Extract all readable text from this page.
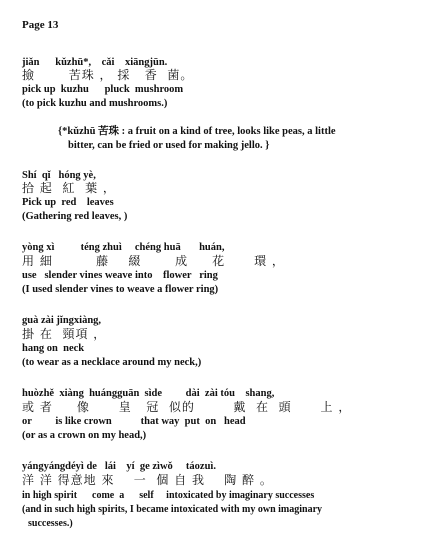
Page 13
jiǎn      kǔzhū*,    cǎi    xiāngjūn.
撿       苦珠 ， 採   香  菌。
pick up  kuzhu      pluck  mushroom
(to pick kuzhu and mushrooms.)
{*kǔzhū 苦珠 : a fruit on a kind of tree, looks like peas, a little
bitter, can be fried or used for making jello. }
Shí  qǐ   hóng yè,
拾 起  紅  葉 ，
Pick up  red    leaves
(Gathering red leaves, )
yòng xì          téng zhuì     chéng huā       huán,
用 細         藤    綴       成     花      環 ，
use   slender vines weave into    flower   ring
(I used slender vines to weave a flower ring)
guà zài jǐngxiàng,
掛 在  頸項 ，
hang on  neck
(to wear as a necklace around my neck,)
huòzhě  xiàng  huángguān  sìde         dài  zài tóu    shang,
或 者     像      皇   冠  似的        戴  在  頭      上 ，
or         is like crown           that way  put  on   head
(or as a crown on my head,)
yángyángdéyì de   lái    yí  ge zìwǒ     táozuì.
洋 洋 得意地 來    一  個 自 我    陶 醉 。
in high spirit      come  a      self     intoxicated by imaginary successes
(and in such high spirits, I became intoxicated with my own imaginary
successes.)
